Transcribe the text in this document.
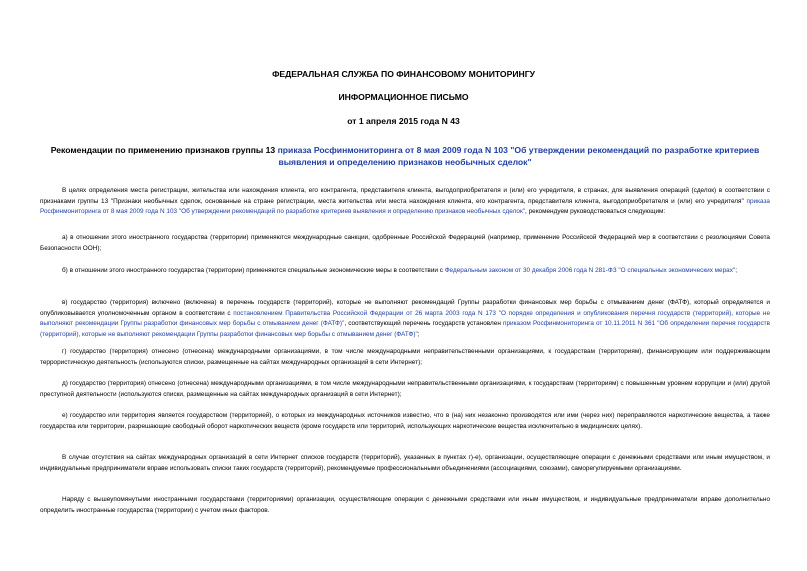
ФЕДЕРАЛЬНАЯ СЛУЖБА ПО ФИНАНСОВОМУ МОНИТОРИНГУ
ИНФОРМАЦИОННОЕ ПИСЬМО
от 1 апреля 2015 года N 43
Рекомендации по применению признаков группы 13 приказа Росфинмониторинга от 8 мая 2009 года N 103 "Об утверждении рекомендаций по разработке критериев выявления и определению признаков необычных сделок"
В целях определения места регистрации, жительства или нахождения клиента, его контрагента, представителя клиента, выгодоприобретателя и (или) его учредителя, в странах, для выявления операций (сделок) в соответствии с признаками группы 13 "Признаки необычных сделок, основанные на стране регистрации, места жительства или места нахождения клиента, его контрагента, представителя клиента, выгодоприобретателя и (или) его учредителя" приказа Росфинмониторинга от 8 мая 2009 года N 103 "Об утверждении рекомендаций по разработке критериев выявления и определению признаков необычных сделок", рекомендуем руководствоваться следующим:
а) в отношении этого иностранного государства (территории) применяются международные санкции, одобренные Российской Федерацией (например, применение Российской Федерацией мер в соответствии с резолюциями Совета Безопасности ООН);
б) в отношении этого иностранного государства (территории) применяются специальные экономические меры в соответствии с Федеральным законом от 30 декабря 2006 года N 281-ФЗ "О специальных экономических мерах";
в) государство (территория) включено (включена) в перечень государств (территорий), которые не выполняют рекомендаций Группы разработки финансовых мер борьбы с отмыванием денег (ФАТФ), который определяется и опубликовывается уполномоченным органом в соответствии с постановлением Правительства Российской Федерации от 26 марта 2003 года N 173 "О порядке определения и опубликования перечня государств (территорий), которые не выполняют рекомендации Группы разработки финансовых мер борьбы с отмыванием денег (ФАТФ)", соответствующий перечень государств установлен приказом Росфинмониторинга от 10.11.2011 N 361 "Об определении перечня государств (территорий), которые не выполняют рекомендации Группы разработки финансовых мер борьбы с отмыванием денег (ФАТФ)";
г) государство (территория) отнесено (отнесена) международными организациями, в том числе международными неправительственными организациями, к государствам (территориям), финансирующим или поддерживающим террористическую деятельность (используются списки, размещенные на сайтах международных организаций в сети Интернет);
д) государство (территория) отнесено (отнесена) международными организациями, в том числе международными неправительственными организациями, к государствам (территориям) с повышенным уровнем коррупции и (или) другой преступной деятельности (используются списки, размещенные на сайтах международных организаций в сети Интернет);
е) государство или территория является государством (территорией), о которых из международных источников известно, что в (на) них незаконно производятся или ими (через них) переправляются наркотические вещества, а также государства или территории, разрешающие свободный оборот наркотических веществ (кроме государств или территорий, использующих наркотические вещества исключительно в медицинских целях).
В случае отсутствия на сайтах международных организаций в сети Интернет списков государств (территорий), указанных в пунктах г)-е), организации, осуществляющие операции с денежными средствами или иным имуществом, и индивидуальные предприниматели вправе использовать списки таких государств (территорий), рекомендуемые профессиональными объединениями (ассоциациями, союзами), саморегулируемыми организациями.
Наряду с вышеупомянутыми иностранными государствами (территориями) организации, осуществляющие операции с денежными средствами или иным имуществом, и индивидуальные предприниматели вправе дополнительно определить иностранные государства (территории) с учетом иных факторов.
